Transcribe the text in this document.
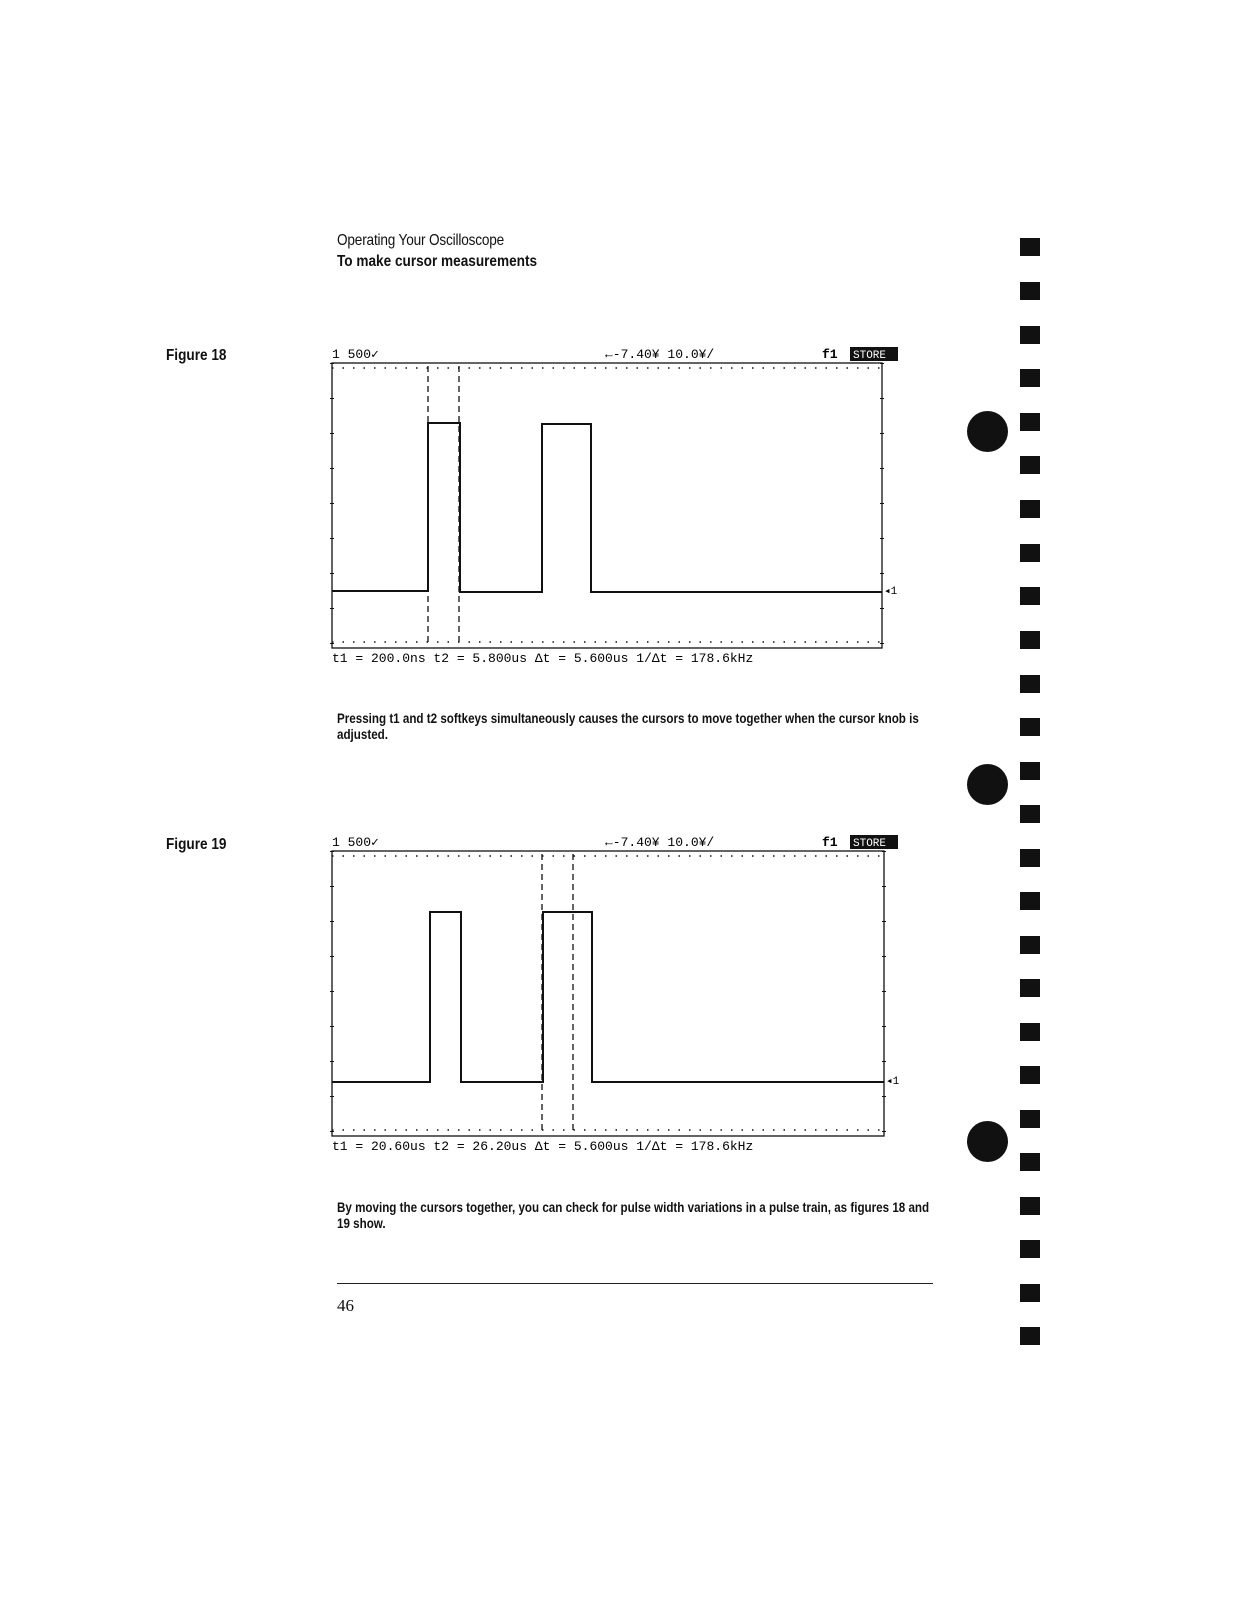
Operating Your Oscilloscope
To make cursor measurements
Figure 18	1 500✓	←-7.40¥ 10.0¥/	f1 STORE
◂1
t1 = 200.0ns t2 = 5.800us Δt = 5.600us 1/Δt = 178.6kHz
Pressing t1 and t2 softkeys simultaneously causes the cursors to move together when the cursor knob is adjusted.
Figure 19	1 500✓	←-7.40¥ 10.0¥/	f1 STORE
◂1
t1 = 20.60us t2 = 26.20us Δt = 5.600us 1/Δt = 178.6kHz
By moving the cursors together, you can check for pulse width variations in a pulse train, as figures 18 and 19 show.
46
